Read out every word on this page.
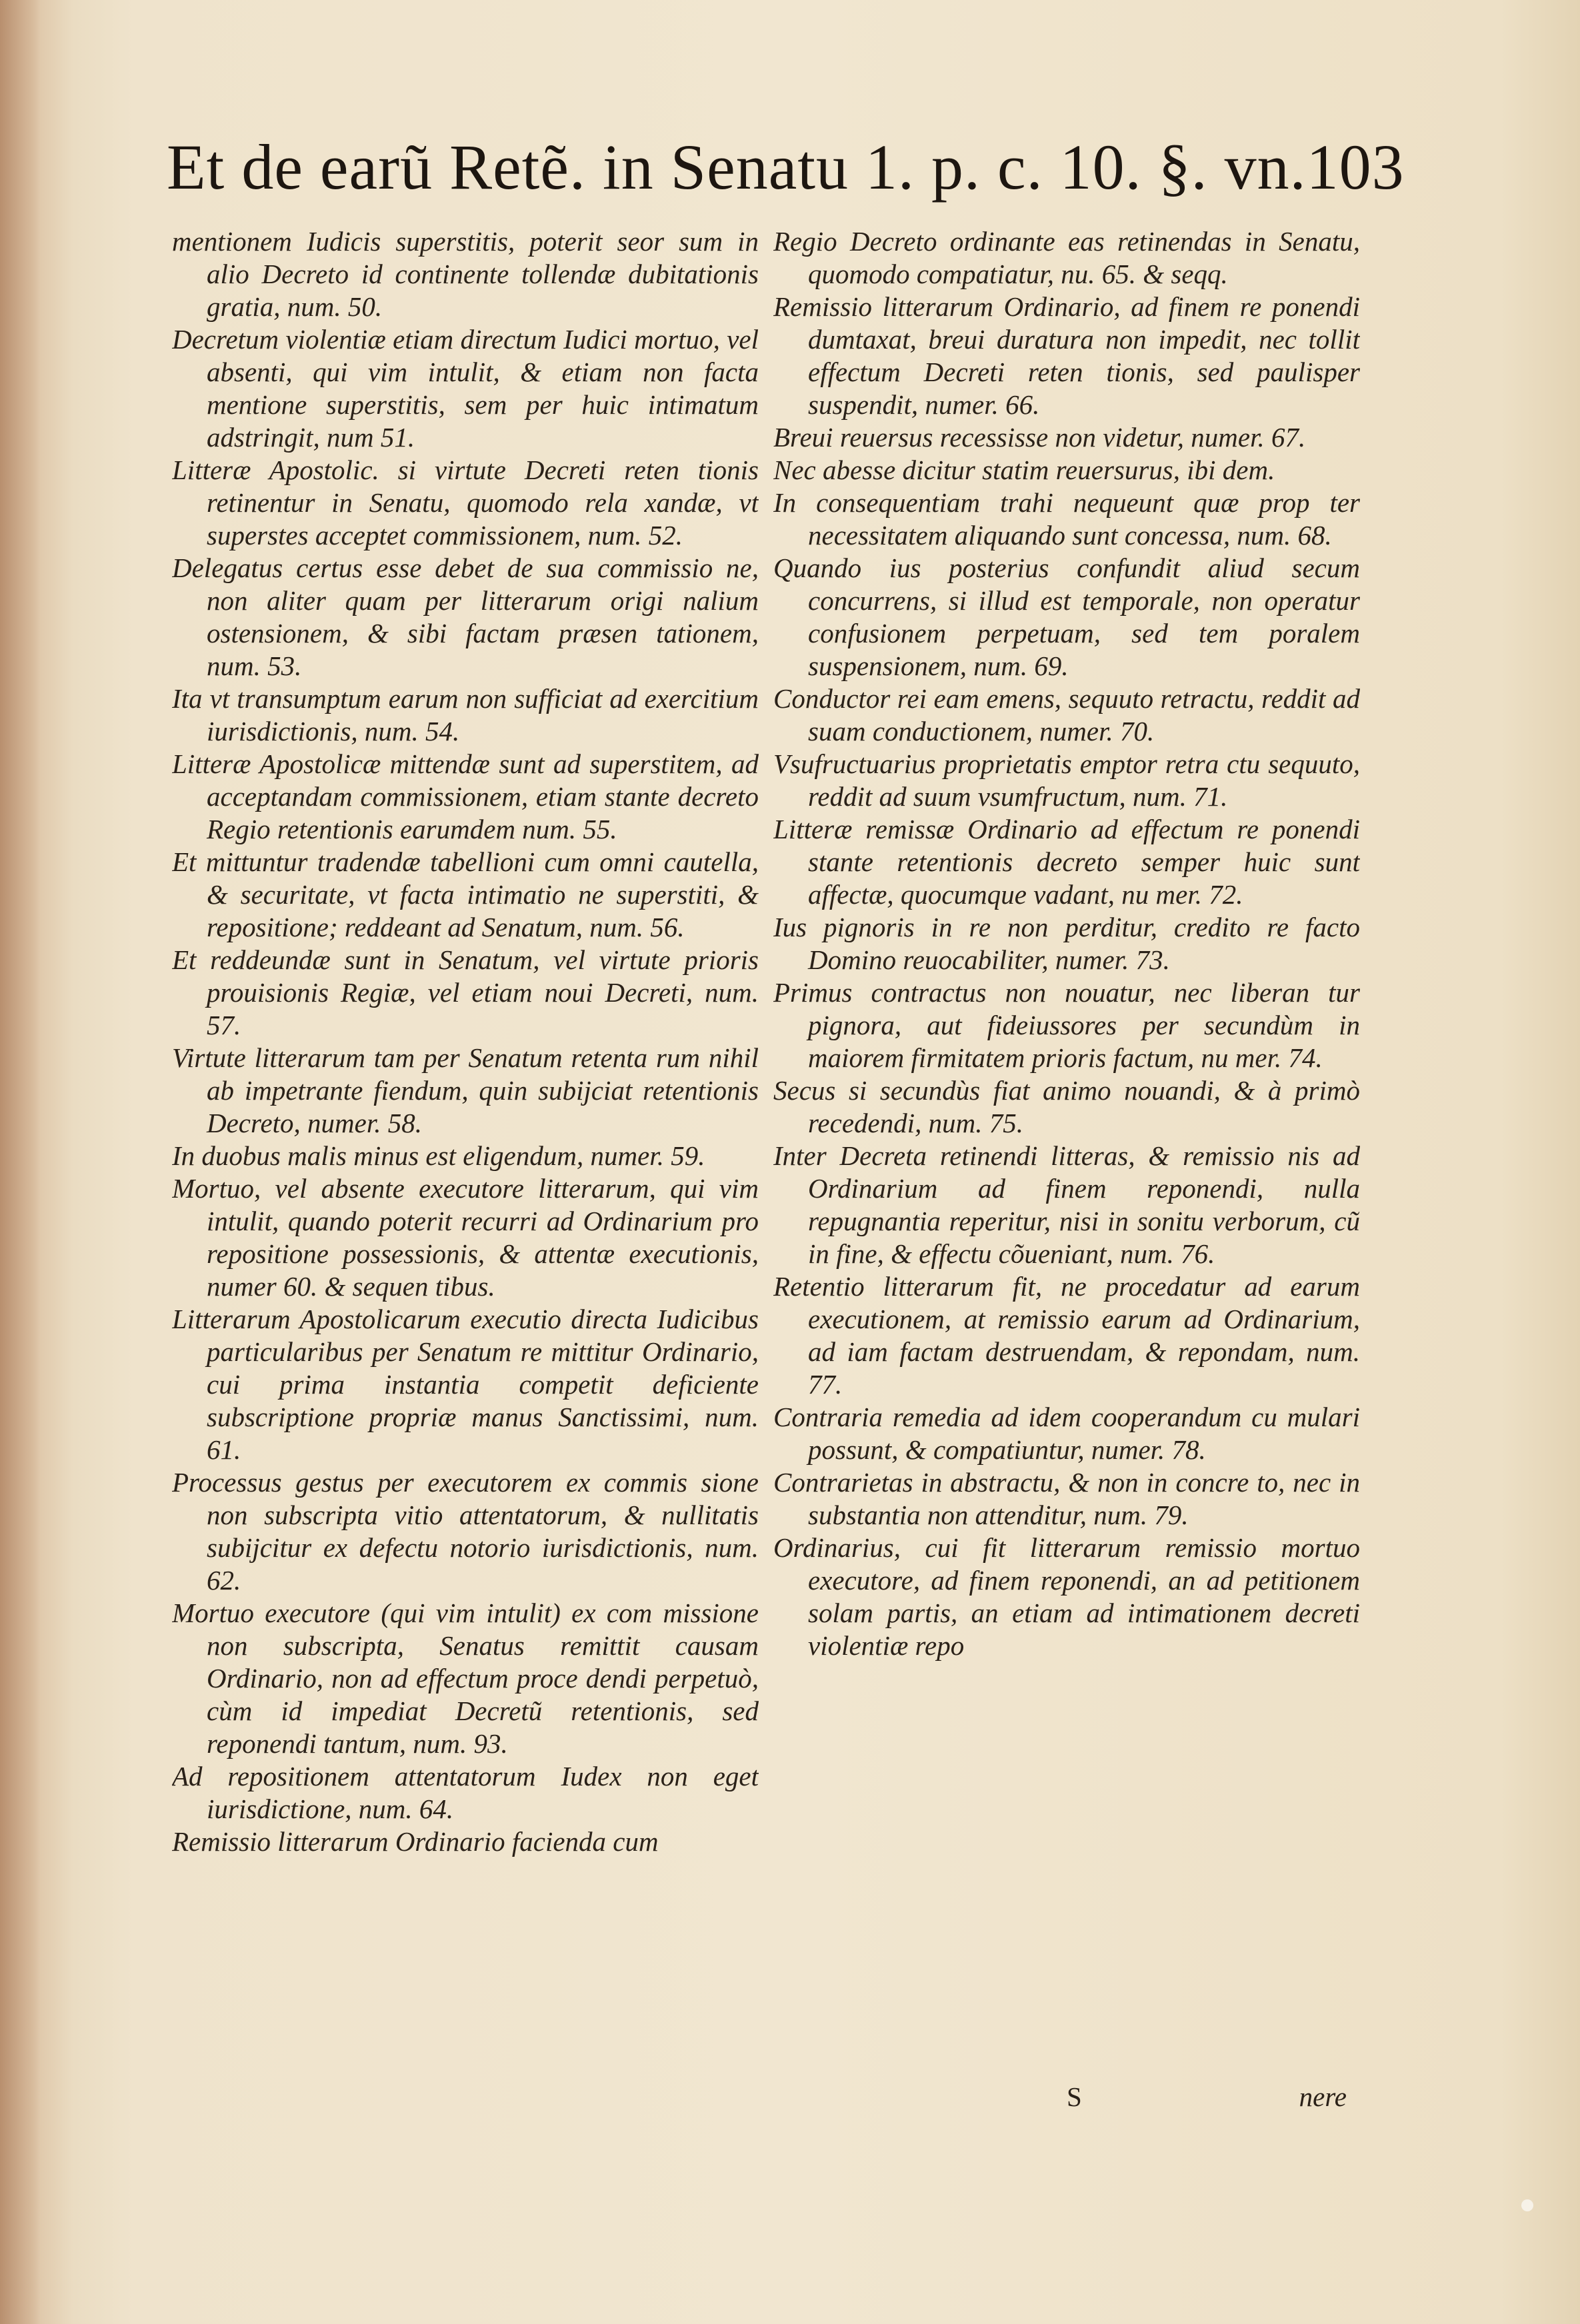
Et de earũ Retẽ. in Senatu 1. p. c. 10. §. vn. 103

mentionem Iudicis superstitis, poterit seor sum in alio Decreto id continente tollendæ dubitationis gratia, num. 50.

Decretum violentiæ etiam directum Iudici mortuo, vel absenti, qui vim intulit, & etiam non facta mentione superstitis, sem per huic intimatum adstringit, num 51.

Litteræ Apostolic. si virtute Decreti reten tionis retinentur in Senatu, quomodo rela xandæ, vt superstes acceptet commissionem, num. 52.

Delegatus certus esse debet de sua commissio ne, non aliter quam per litterarum origi nalium ostensionem, & sibi factam præsen tationem, num. 53.

Ita vt transumptum earum non sufficiat ad exercitium iurisdictionis, num. 54.

Litteræ Apostolicæ mittendæ sunt ad superstitem, ad acceptandam commissionem, etiam stante decreto Regio retentionis earumdem num. 55.

Et mittuntur tradendæ tabellioni cum omni cautella, & securitate, vt facta intimatio ne superstiti, & repositione; reddeant ad Senatum, num. 56.

Et reddeundæ sunt in Senatum, vel virtute prioris prouisionis Regiæ, vel etiam noui Decreti, num. 57.

Virtute litterarum tam per Senatum retenta rum nihil ab impetrante fiendum, quin subijciat retentionis Decreto, numer. 58.

In duobus malis minus est eligendum, numer. 59.

Mortuo, vel absente executore litterarum, qui vim intulit, quando poterit recurri ad Ordinarium pro repositione possessionis, & attentæ executionis, numer 60. & sequen tibus.

Litterarum Apostolicarum executio directa Iudicibus particularibus per Senatum re mittitur Ordinario, cui prima instantia competit deficiente subscriptione propriæ manus Sanctissimi, num. 61.

Processus gestus per executorem ex commis sione non subscripta vitio attentatorum, & nullitatis subijcitur ex defectu notorio iurisdictionis, num. 62.

Mortuo executore (qui vim intulit) ex com missione non subscripta, Senatus remittit causam Ordinario, non ad effectum proce dendi perpetuò, cùm id impediat Decretũ retentionis, sed reponendi tantum, num. 93.

Ad repositionem attentatorum Iudex non eget iurisdictione, num. 64.

Remissio litterarum Ordinario facienda cum

Regio Decreto ordinante eas retinendas in Senatu, quomodo compatiatur, nu. 65. & seqq.

Remissio litterarum Ordinario, ad finem re ponendi dumtaxat, breui duratura non impedit, nec tollit effectum Decreti reten tionis, sed paulisper suspendit, numer. 66.

Breui reuersus recessisse non videtur, numer. 67.

Nec abesse dicitur statim reuersurus, ibi dem.

In consequentiam trahi nequeunt quæ prop ter necessitatem aliquando sunt concessa, num. 68.

Quando ius posterius confundit aliud secum concurrens, si illud est temporale, non operatur confusionem perpetuam, sed tem poralem suspensionem, num. 69.

Conductor rei eam emens, sequuto retractu, reddit ad suam conductionem, numer. 70.

Vsufructuarius proprietatis emptor retra ctu sequuto, reddit ad suum vsumfructum, num. 71.

Litteræ remissæ Ordinario ad effectum re ponendi stante retentionis decreto semper huic sunt affectæ, quocumque vadant, nu mer. 72.

Ius pignoris in re non perditur, credito re facto Domino reuocabiliter, numer. 73.

Primus contractus non nouatur, nec liberan tur pignora, aut fideiussores per secundùm in maiorem firmitatem prioris factum, nu mer. 74.

Secus si secundùs fiat animo nouandi, & à primò recedendi, num. 75.

Inter Decreta retinendi litteras, & remissio nis ad Ordinarium ad finem reponendi, nulla repugnantia reperitur, nisi in sonitu verborum, cũ in fine, & effectu cõueniant, num. 76.

Retentio litterarum fit, ne procedatur ad earum executionem, at remissio earum ad Ordinarium, ad iam factam destruendam, & repondam, num. 77.

Contraria remedia ad idem cooperandum cu mulari possunt, & compatiuntur, numer. 78.

Contrarietas in abstractu, & non in concre to, nec in substantia non attenditur, num. 79.

Ordinarius, cui fit litterarum remissio mortuo executore, ad finem reponendi, an ad petitionem solam partis, an etiam ad intimationem decreti violentiæ repo

S	nere
